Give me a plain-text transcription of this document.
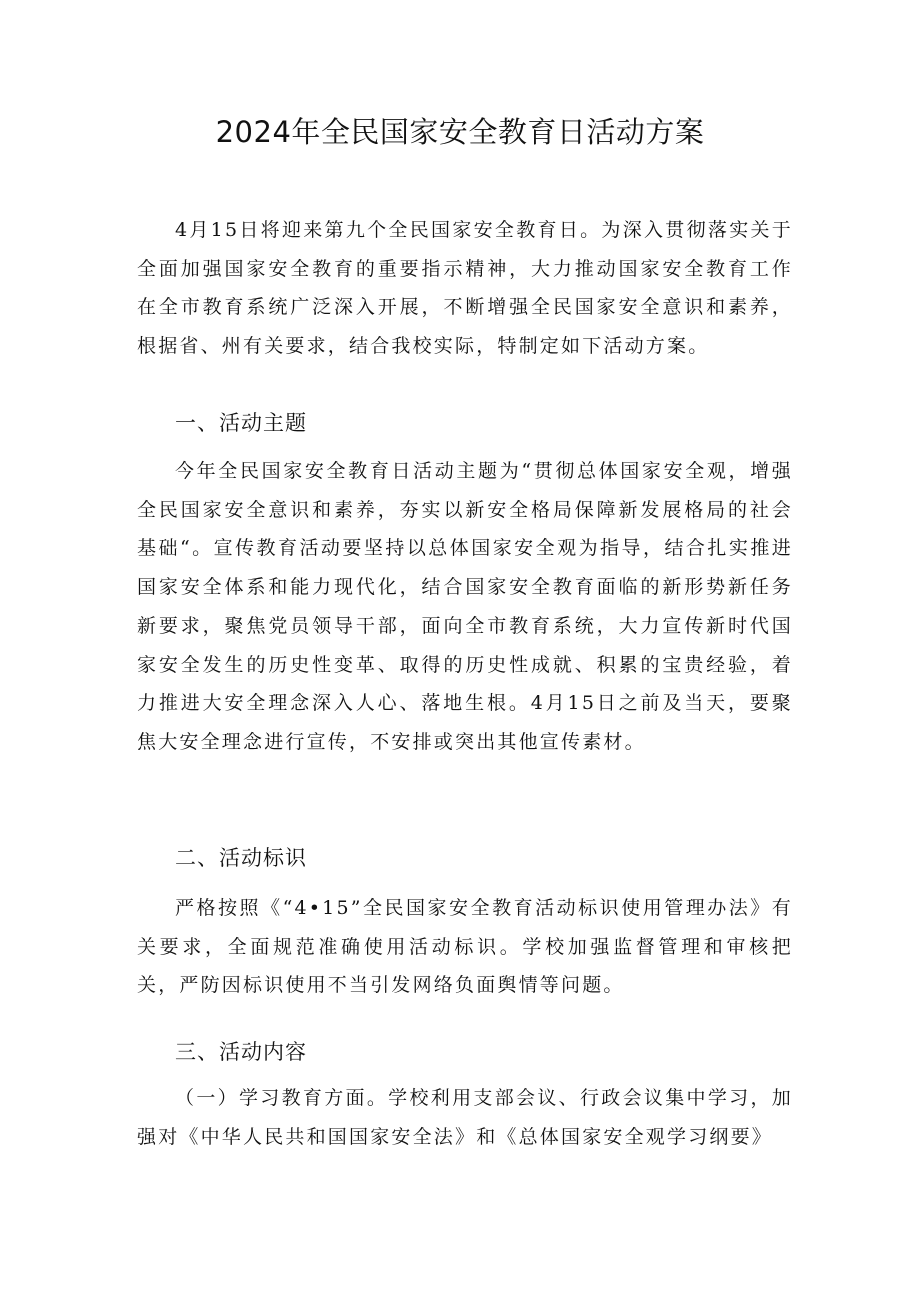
2024年全民国家安全教育日活动方案
4月15日将迎来第九个全民国家安全教育日。为深入贯彻落实关于全面加强国家安全教育的重要指示精神，大力推动国家安全教育工作在全市教育系统广泛深入开展，不断增强全民国家安全意识和素养，根据省、州有关要求，结合我校实际，特制定如下活动方案。
一、活动主题
今年全民国家安全教育日活动主题为“贯彻总体国家安全观，增强全民国家安全意识和素养，夯实以新安全格局保障新发展格局的社会基础“。宣传教育活动要坚持以总体国家安全观为指导，结合扎实推进国家安全体系和能力现代化，结合国家安全教育面临的新形势新任务新要求，聚焦党员领导干部，面向全市教育系统，大力宣传新时代国家安全发生的历史性变革、取得的历史性成就、积累的宝贵经验，着力推进大安全理念深入人心、落地生根。4月15日之前及当天，要聚焦大安全理念进行宣传，不安排或突出其他宣传素材。
二、活动标识
严格按照《“4•15”全民国家安全教育活动标识使用管理办法》有关要求，全面规范准确使用活动标识。学校加强监督管理和审核把关，严防因标识使用不当引发网络负面舆情等问题。
三、活动内容
（一）学习教育方面。学校利用支部会议、行政会议集中学习，加强对《中华人民共和国国家安全法》和《总体国家安全观学习纲要》
